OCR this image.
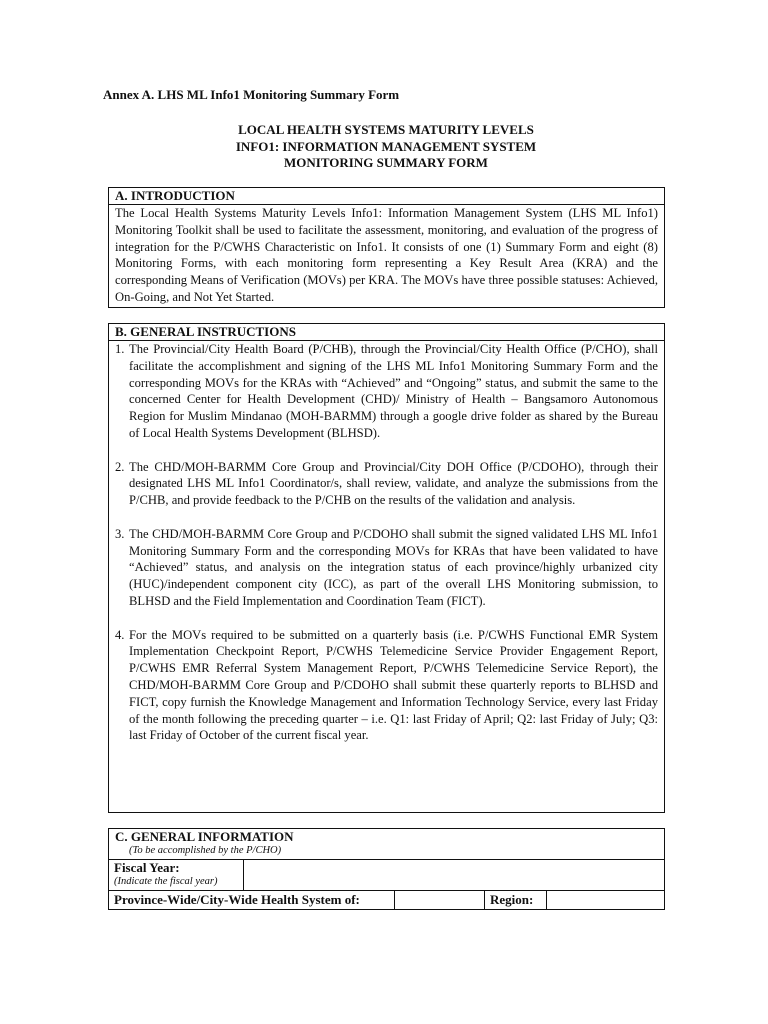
Annex A. LHS ML Info1 Monitoring Summary Form
LOCAL HEALTH SYSTEMS MATURITY LEVELS
INFO1: INFORMATION MANAGEMENT SYSTEM
MONITORING SUMMARY FORM
A. INTRODUCTION
The Local Health Systems Maturity Levels Info1: Information Management System (LHS ML Info1) Monitoring Toolkit shall be used to facilitate the assessment, monitoring, and evaluation of the progress of integration for the P/CWHS Characteristic on Info1. It consists of one (1) Summary Form and eight (8) Monitoring Forms, with each monitoring form representing a Key Result Area (KRA) and the corresponding Means of Verification (MOVs) per KRA. The MOVs have three possible statuses: Achieved, On-Going, and Not Yet Started.
B. GENERAL INSTRUCTIONS
1. The Provincial/City Health Board (P/CHB), through the Provincial/City Health Office (P/CHO), shall facilitate the accomplishment and signing of the LHS ML Info1 Monitoring Summary Form and the corresponding MOVs for the KRAs with “Achieved” and “Ongoing” status, and submit the same to the concerned Center for Health Development (CHD)/ Ministry of Health – Bangsamoro Autonomous Region for Muslim Mindanao (MOH-BARMM) through a google drive folder as shared by the Bureau of Local Health Systems Development (BLHSD).
2. The CHD/MOH-BARMM Core Group and Provincial/City DOH Office (P/CDOHO), through their designated LHS ML Info1 Coordinator/s, shall review, validate, and analyze the submissions from the P/CHB, and provide feedback to the P/CHB on the results of the validation and analysis.
3. The CHD/MOH-BARMM Core Group and P/CDOHO shall submit the signed validated LHS ML Info1 Monitoring Summary Form and the corresponding MOVs for KRAs that have been validated to have “Achieved” status, and analysis on the integration status of each province/highly urbanized city (HUC)/independent component city (ICC), as part of the overall LHS Monitoring submission, to BLHSD and the Field Implementation and Coordination Team (FICT).
4. For the MOVs required to be submitted on a quarterly basis (i.e. P/CWHS Functional EMR System Implementation Checkpoint Report, P/CWHS Telemedicine Service Provider Engagement Report, P/CWHS EMR Referral System Management Report, P/CWHS Telemedicine Service Report), the CHD/MOH-BARMM Core Group and P/CDOHO shall submit these quarterly reports to BLHSD and FICT, copy furnish the Knowledge Management and Information Technology Service, every last Friday of the month following the preceding quarter – i.e. Q1: last Friday of April; Q2: last Friday of July; Q3: last Friday of October of the current fiscal year.
C. GENERAL INFORMATION
(To be accomplished by the P/CHO)
Fiscal Year:
(Indicate the fiscal year)
Province-Wide/City-Wide Health System of:	Region:
